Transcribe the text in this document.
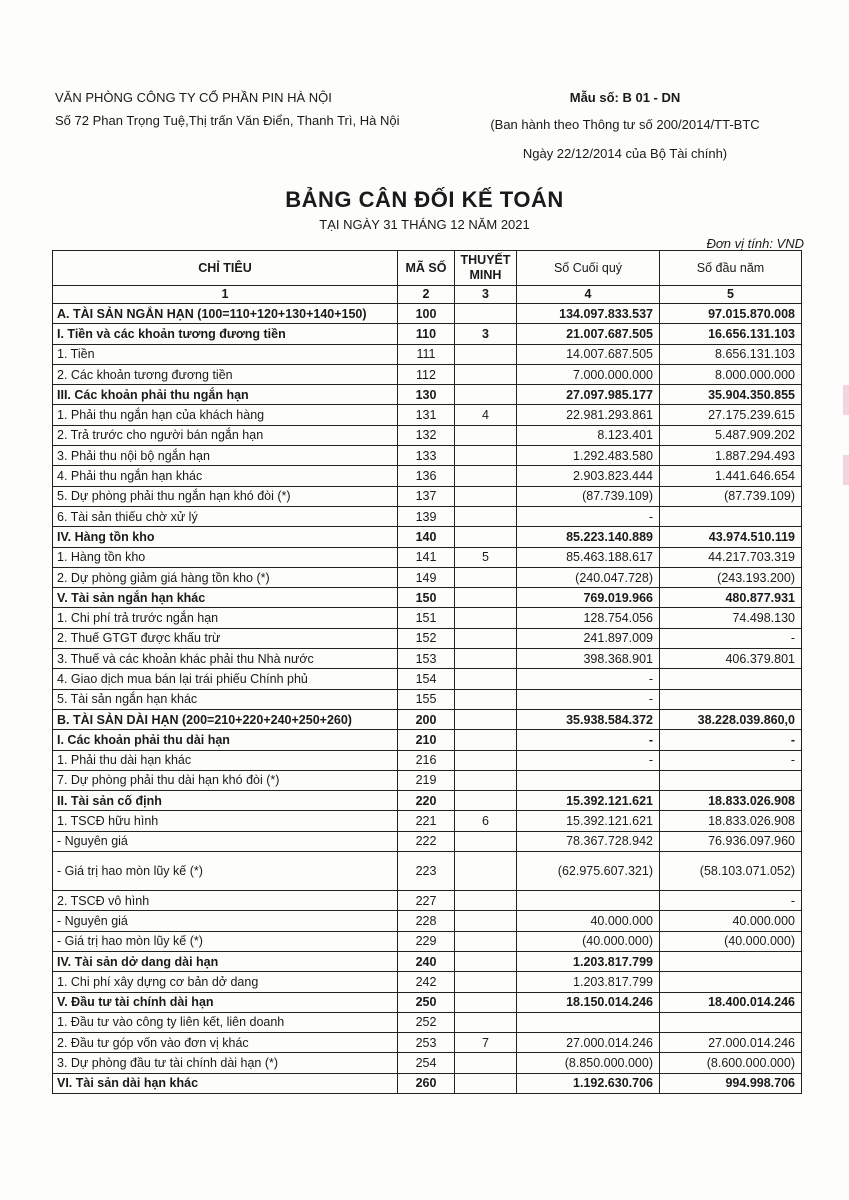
VĂN PHÒNG CÔNG TY CỔ PHẦN PIN HÀ NỘI
Số 72 Phan Trọng Tuệ,Thị trấn Văn Điển, Thanh Trì, Hà Nội
Mẫu số: B 01 - DN
(Ban hành theo Thông tư số 200/2014/TT-BTC
Ngày 22/12/2014 của Bộ Tài chính)
BẢNG CÂN ĐỐI KẾ TOÁN
TẠI NGÀY 31 THÁNG 12 NĂM 2021
Đơn vị tính: VND
CHỈ TIÊU	MÃ SỐ	THUYẾT MINH	Số Cuối quý	Số đầu năm
1	2	3	4	5
A. TÀI SẢN NGẮN HẠN (100=110+120+130+140+150)	100		134.097.833.537	97.015.870.008
I. Tiền và các khoản tương đương tiền	110	3	21.007.687.505	16.656.131.103
1. Tiền	111		14.007.687.505	8.656.131.103
2. Các khoản tương đương tiền	112		7.000.000.000	8.000.000.000
III. Các khoản phải thu ngắn hạn	130		27.097.985.177	35.904.350.855
1. Phải thu ngắn hạn của khách hàng	131	4	22.981.293.861	27.175.239.615
2. Trả trước cho người bán ngắn hạn	132		8.123.401	5.487.909.202
3. Phải thu nội bộ ngắn hạn	133		1.292.483.580	1.887.294.493
4. Phải thu ngắn hạn khác	136		2.903.823.444	1.441.646.654
5. Dự phòng phải thu ngắn hạn khó đòi (*)	137		(87.739.109)	(87.739.109)
6. Tài sản thiếu chờ xử lý	139		-	
IV. Hàng tồn kho	140		85.223.140.889	43.974.510.119
1. Hàng tồn kho	141	5	85.463.188.617	44.217.703.319
2. Dự phòng giảm giá hàng tồn kho (*)	149		(240.047.728)	(243.193.200)
V. Tài sản ngắn hạn khác	150		769.019.966	480.877.931
1. Chi phí trả trước ngắn hạn	151		128.754.056	74.498.130
2. Thuế GTGT được khấu trừ	152		241.897.009	-
3. Thuế và các khoản khác phải thu Nhà nước	153		398.368.901	406.379.801
4. Giao dịch mua bán lại trái phiếu Chính phủ	154		-	
5. Tài sản ngắn hạn khác	155		-	
B. TÀI SẢN DÀI HẠN (200=210+220+240+250+260)	200		35.938.584.372	38.228.039.860,0
I. Các khoản phải thu dài hạn	210		-	-
1. Phải thu dài hạn khác	216		-	-
7. Dự phòng phải thu dài hạn khó đòi (*)	219			
II. Tài sản cố định	220		15.392.121.621	18.833.026.908
1. TSCĐ hữu hình	221	6	15.392.121.621	18.833.026.908
- Nguyên giá	222		78.367.728.942	76.936.097.960
- Giá trị hao mòn lũy kế (*)	223		(62.975.607.321)	(58.103.071.052)
2. TSCĐ vô hình	227			-
- Nguyên giá	228		40.000.000	40.000.000
- Giá trị hao mòn lũy kế (*)	229		(40.000.000)	(40.000.000)
IV. Tài sản dở dang dài hạn	240		1.203.817.799	
1. Chi phí xây dựng cơ bản dở dang	242		1.203.817.799	
V. Đầu tư tài chính dài hạn	250		18.150.014.246	18.400.014.246
1. Đầu tư vào công ty liên kết, liên doanh	252			
2. Đầu tư góp vốn vào đơn vị khác	253	7	27.000.014.246	27.000.014.246
3. Dự phòng đầu tư tài chính dài hạn (*)	254		(8.850.000.000)	(8.600.000.000)
VI. Tài sản dài hạn khác	260		1.192.630.706	994.998.706
